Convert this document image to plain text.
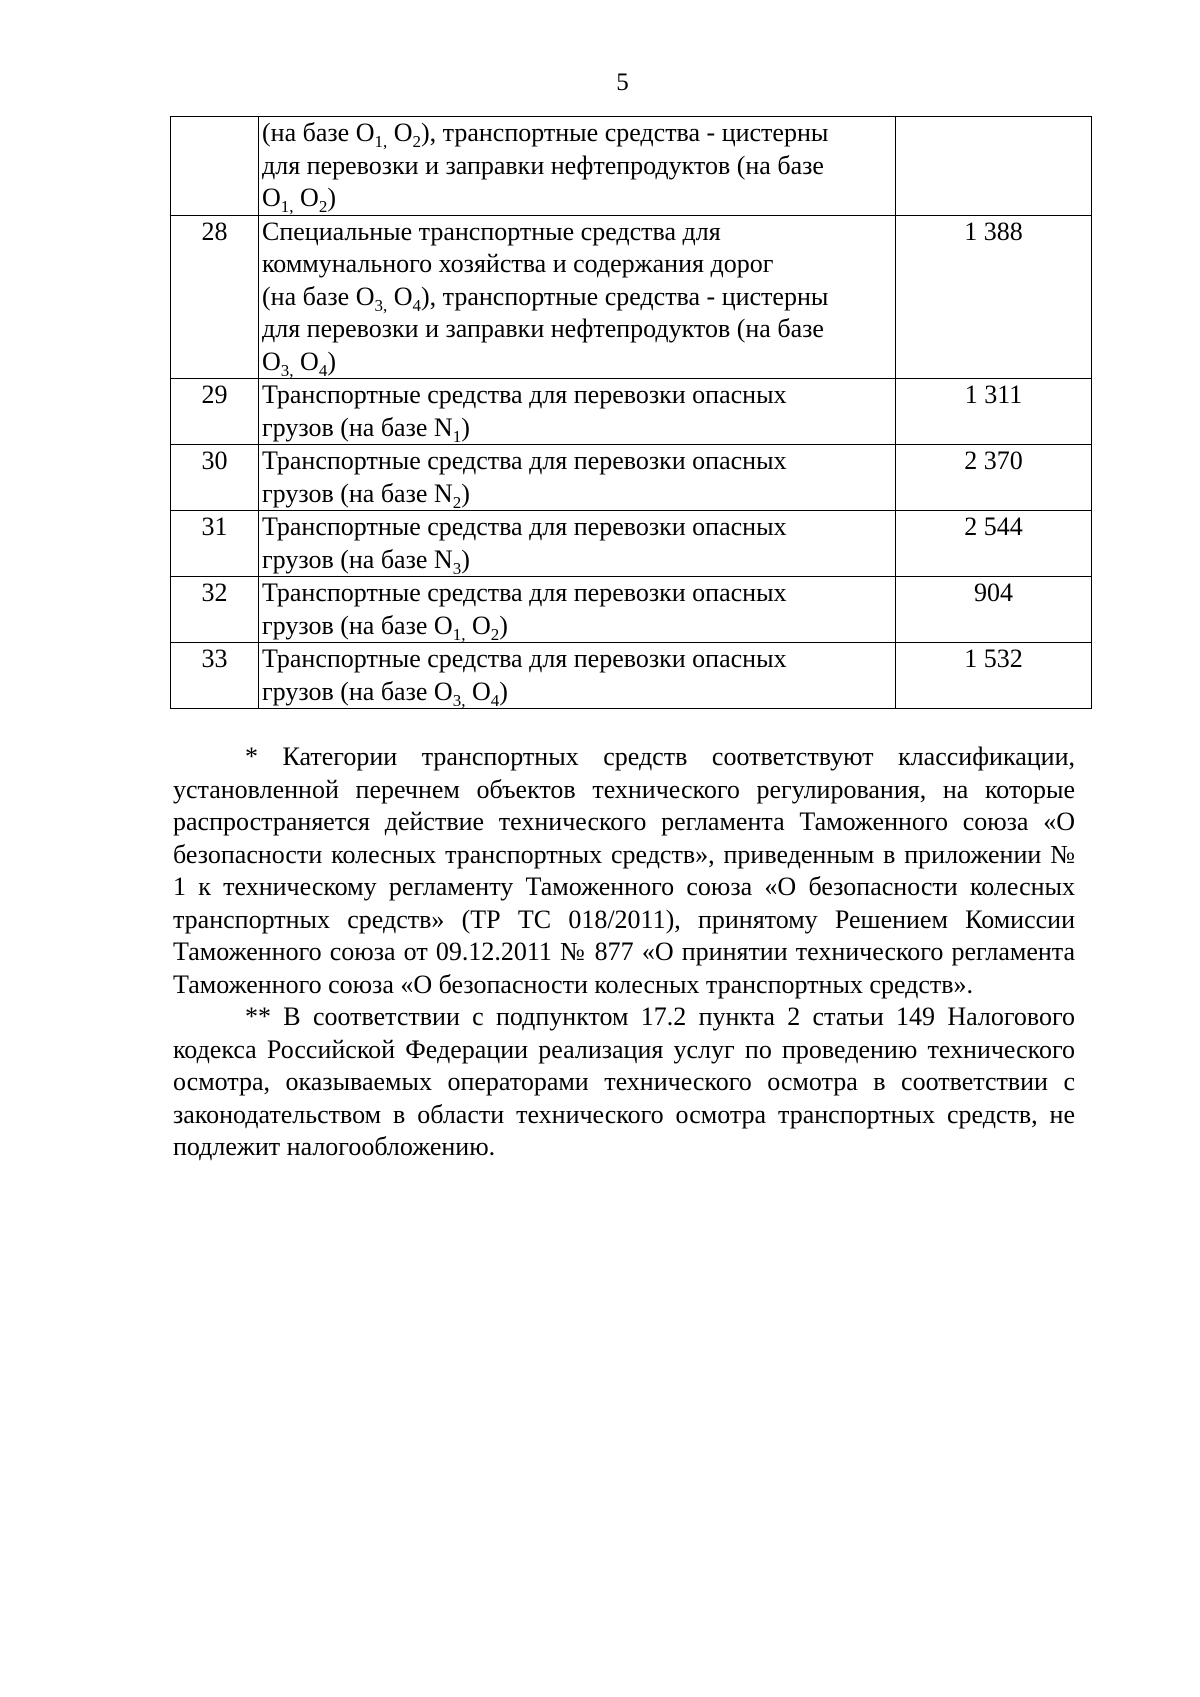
5
	(на базе $O_{1,}$ $O_2$), транспортные средства - цистерны
для перевозки и заправки нефтепродуктов (на базе
$O_{1,}$ $O_2$)	
28	Специальные транспортные средства для
коммунального хозяйства и содержания дорог
(на базе $O_{3,}$ $O_4$), транспортные средства - цистерны
для перевозки и заправки нефтепродуктов (на базе
$O_{3,}$ $O_4$)	1 388
29	Транспортные средства для перевозки опасных
грузов (на базе $N_1$)	1 311
30	Транспортные средства для перевозки опасных
грузов (на базе $N_2$)	2 370
31	Транспортные средства для перевозки опасных
грузов (на базе $N_3$)	2 544
32	Транспортные средства для перевозки опасных
грузов (на базе $O_{1,}$ $O_2$)	904
33	Транспортные средства для перевозки опасных
грузов (на базе $O_{3,}$ $O_4$)	1 532

* Категории транспортных средств соответствуют классификации, установленной перечнем объектов технического регулирования, на которые распространяется действие технического регламента Таможенного союза «О безопасности колесных транспортных средств», приведенным в приложении № 1 к техническому регламенту Таможенного союза «О безопасности колесных транспортных средств» (ТР ТС 018/2011), принятому Решением Комиссии Таможенного союза от 09.12.2011 № 877 «О принятии технического регламента Таможенного союза «О безопасности колесных транспортных средств».

** В соответствии с подпунктом 17.2 пункта 2 статьи 149 Налогового кодекса Российской Федерации реализация услуг по проведению технического осмотра, оказываемых операторами технического осмотра в соответствии с законодательством в области технического осмотра транспортных средств, не подлежит налогообложению.
